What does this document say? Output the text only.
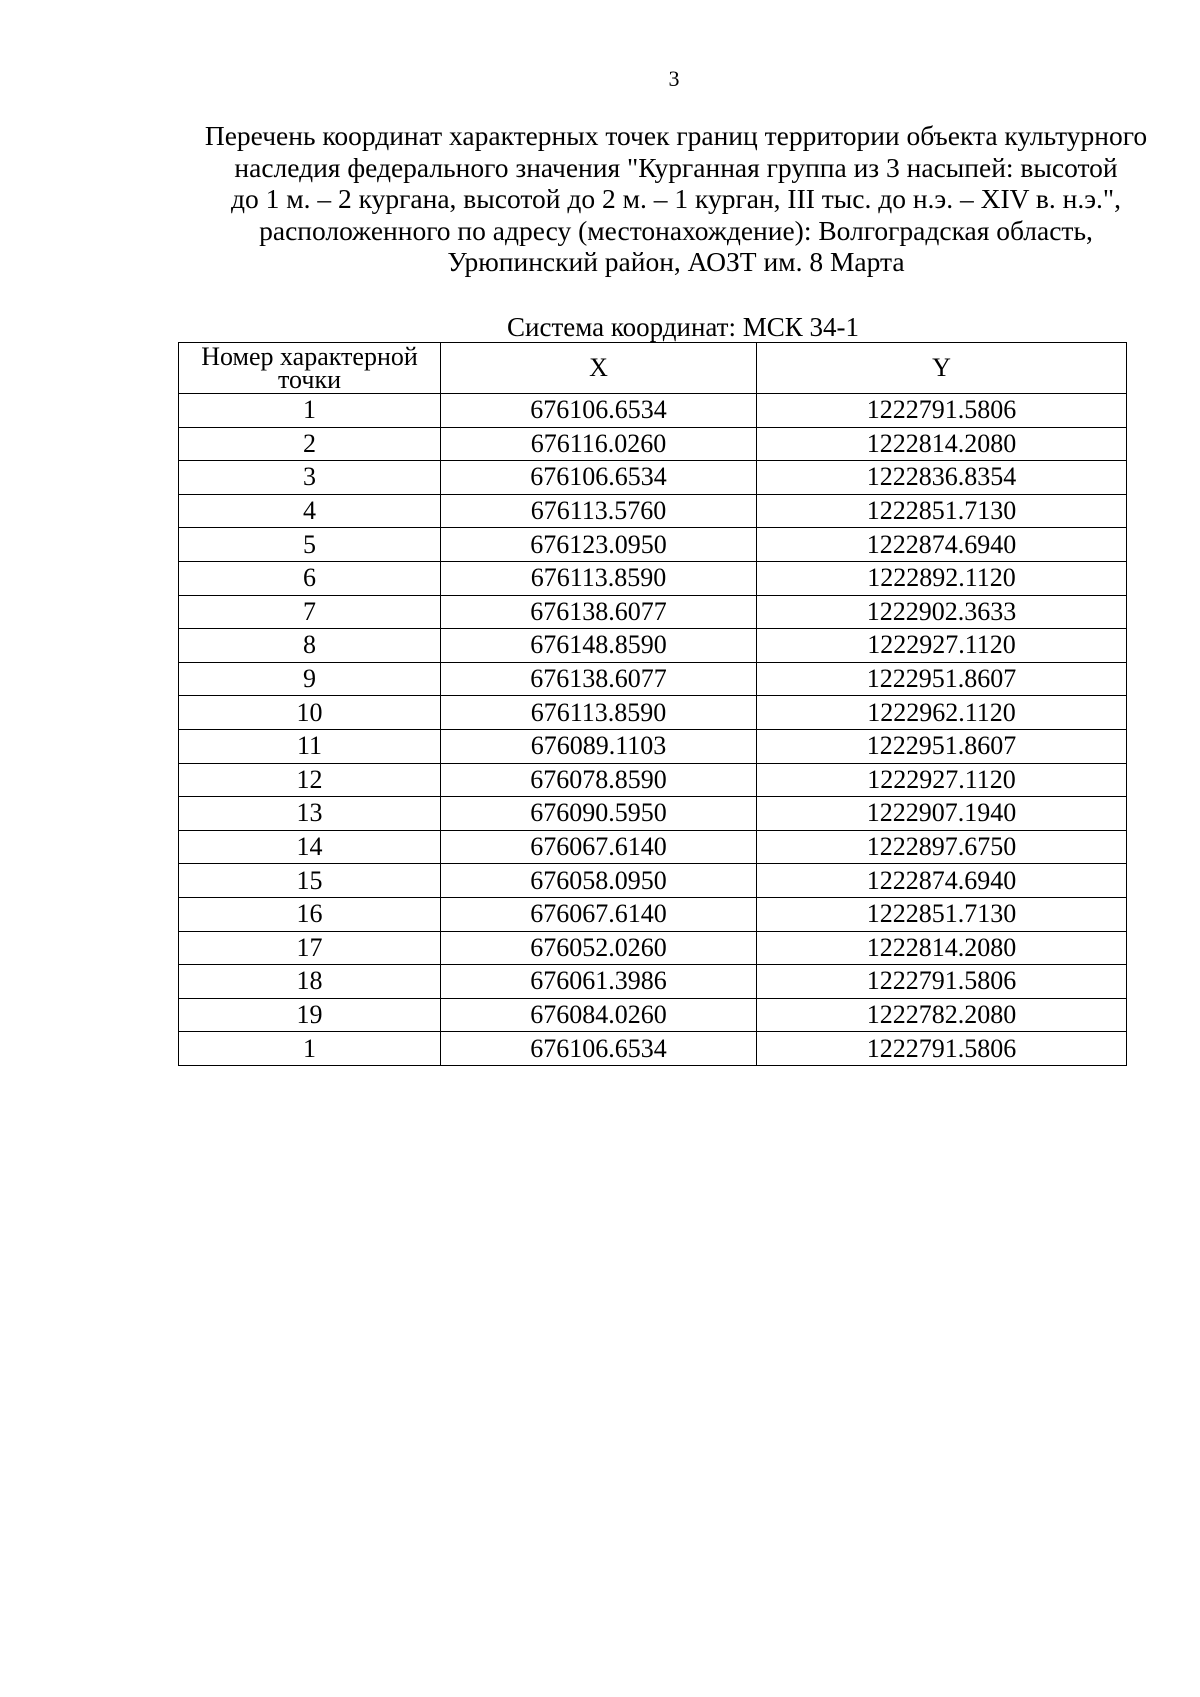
3
Перечень координат характерных точек границ территории объекта культурного
наследия федерального значения "Курганная группа из 3 насыпей: высотой
до 1 м. – 2 кургана, высотой до 2 м. – 1 курган, III тыс. до н.э. – XIV в. н.э.",
расположенного по адресу (местонахождение): Волгоградская область,
Урюпинский район, АОЗТ им. 8 Марта
Система координат: МСК 34-1
Номер характерной
точки	X	Y
1	676106.6534	1222791.5806
2	676116.0260	1222814.2080
3	676106.6534	1222836.8354
4	676113.5760	1222851.7130
5	676123.0950	1222874.6940
6	676113.8590	1222892.1120
7	676138.6077	1222902.3633
8	676148.8590	1222927.1120
9	676138.6077	1222951.8607
10	676113.8590	1222962.1120
11	676089.1103	1222951.8607
12	676078.8590	1222927.1120
13	676090.5950	1222907.1940
14	676067.6140	1222897.6750
15	676058.0950	1222874.6940
16	676067.6140	1222851.7130
17	676052.0260	1222814.2080
18	676061.3986	1222791.5806
19	676084.0260	1222782.2080
1	676106.6534	1222791.5806
